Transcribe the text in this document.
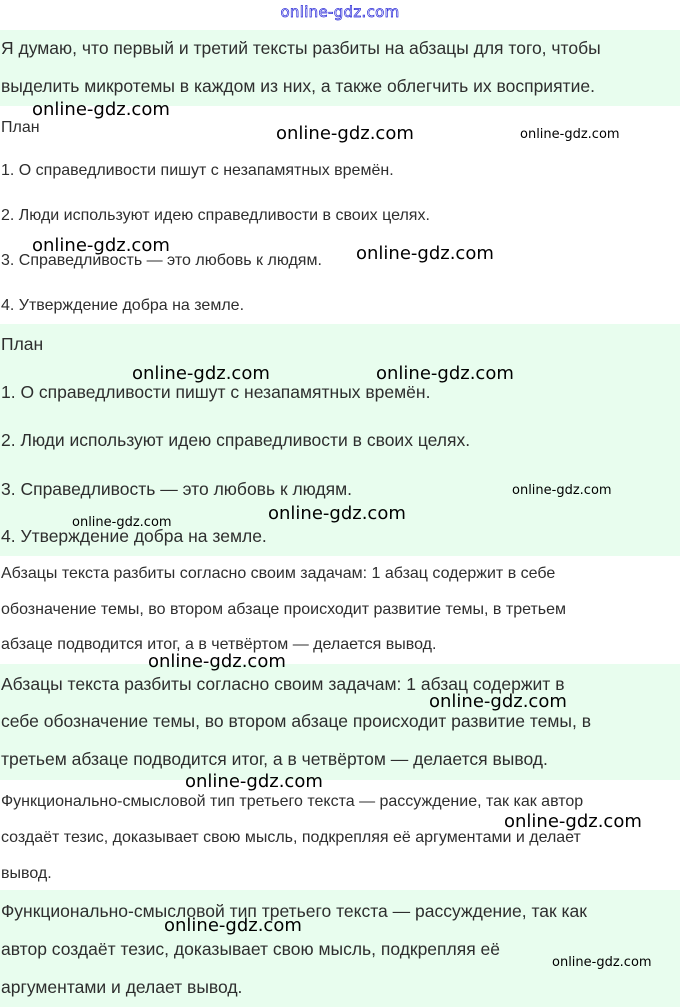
online-gdz.com
Я думаю, что первый и третий тексты разбиты на абзацы для того, чтобы
выделить микротемы в каждом из них, а также облегчить их восприятие.
План
1. О справедливости пишут с незапамятных времён.
2. Люди используют идею справедливости в своих целях.
3. Справедливость — это любовь к людям.
4. Утверждение добра на земле.
План
1. О справедливости пишут с незапамятных времён.
2. Люди используют идею справедливости в своих целях.
3. Справедливость — это любовь к людям.
4. Утверждение добра на земле.
Абзацы текста разбиты согласно своим задачам: 1 абзац содержит в себе
обозначение темы, во втором абзаце происходит развитие темы, в третьем
абзаце подводится итог, а в четвёртом — делается вывод.
Абзацы текста разбиты согласно своим задачам: 1 абзац содержит в
себе обозначение темы, во втором абзаце происходит развитие темы, в
третьем абзаце подводится итог, а в четвёртом — делается вывод.
Функционально-смысловой тип третьего текста — рассуждение, так как автор
создаёт тезис, доказывает свою мысль, подкрепляя её аргументами и делает
вывод.
Функционально-смысловой тип третьего текста — рассуждение, так как
автор создаёт тезис, доказывает свою мысль, подкрепляя её
аргументами и делает вывод.
online-gdz.com
online-gdz.com	online-gdz.com
online-gdz.com	online-gdz.com
online-gdz.com	online-gdz.com
online-gdz.com
online-gdz.com
online-gdz.com
online-gdz.com
online-gdz.com
online-gdz.com
online-gdz.com
online-gdz.com
online-gdz.com
